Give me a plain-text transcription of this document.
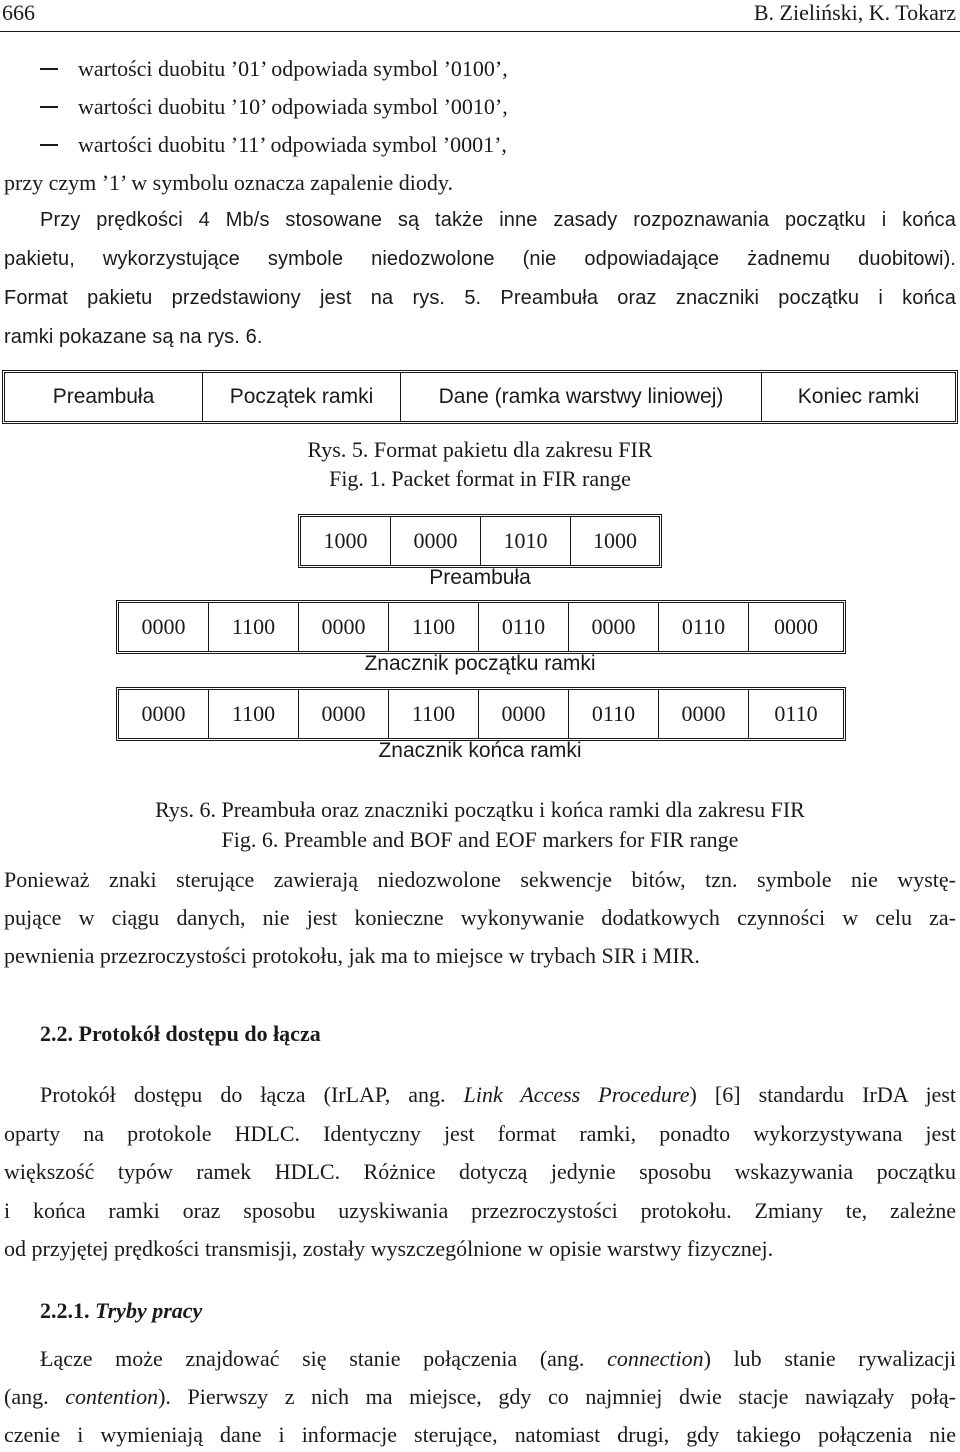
666	B. Zieliński, K. Tokarz
wartości duobitu ’01’ odpowiada symbol ’0100’,
wartości duobitu ’10’ odpowiada symbol ’0010’,
wartości duobitu ’11’ odpowiada symbol ’0001’,
przy czym ’1’ w symbolu oznacza zapalenie diody.
Przy prędkości 4 Mb/s stosowane są także inne zasady rozpoznawania początku i końca
pakietu, wykorzystujące symbole niedozwolone (nie odpowiadające żadnemu duobitowi).
Format pakietu przedstawiony jest na rys. 5. Preambuła oraz znaczniki początku i końca
ramki pokazane są na rys. 6.
Preambuła	Początek ramki	Dane (ramka warstwy liniowej)	Koniec ramki
Rys. 5. Format pakietu dla zakresu FIR
Fig. 1. Packet format in FIR range
1000	0000	1010	1000
Preambuła
0000	1100	0000	1100	0110	0000	0110	0000
Znacznik początku ramki
0000	1100	0000	1100	0000	0110	0000	0110
Znacznik końca ramki
Rys. 6. Preambuła oraz znaczniki początku i końca ramki dla zakresu FIR
Fig. 6. Preamble and BOF and EOF markers for FIR range
Ponieważ znaki sterujące zawierają niedozwolone sekwencje bitów, tzn. symbole nie wystę-
pujące w ciągu danych, nie jest konieczne wykonywanie dodatkowych czynności w celu za-
pewnienia przezroczystości protokołu, jak ma to miejsce w trybach SIR i MIR.
2.2. Protokół dostępu do łącza
Protokół dostępu do łącza (IrLAP, ang. Link Access Procedure) [6] standardu IrDA jest
oparty na protokole HDLC. Identyczny jest format ramki, ponadto wykorzystywana jest
większość typów ramek HDLC. Różnice dotyczą jedynie sposobu wskazywania początku
i końca ramki oraz sposobu uzyskiwania przezroczystości protokołu. Zmiany te, zależne
od przyjętej prędkości transmisji, zostały wyszczególnione w opisie warstwy fizycznej.
2.2.1. Tryby pracy
Łącze może znajdować się stanie połączenia (ang. connection) lub stanie rywalizacji
(ang. contention). Pierwszy z nich ma miejsce, gdy co najmniej dwie stacje nawiązały połą-
czenie i wymieniają dane i informacje sterujące, natomiast drugi, gdy takiego połączenia nie
